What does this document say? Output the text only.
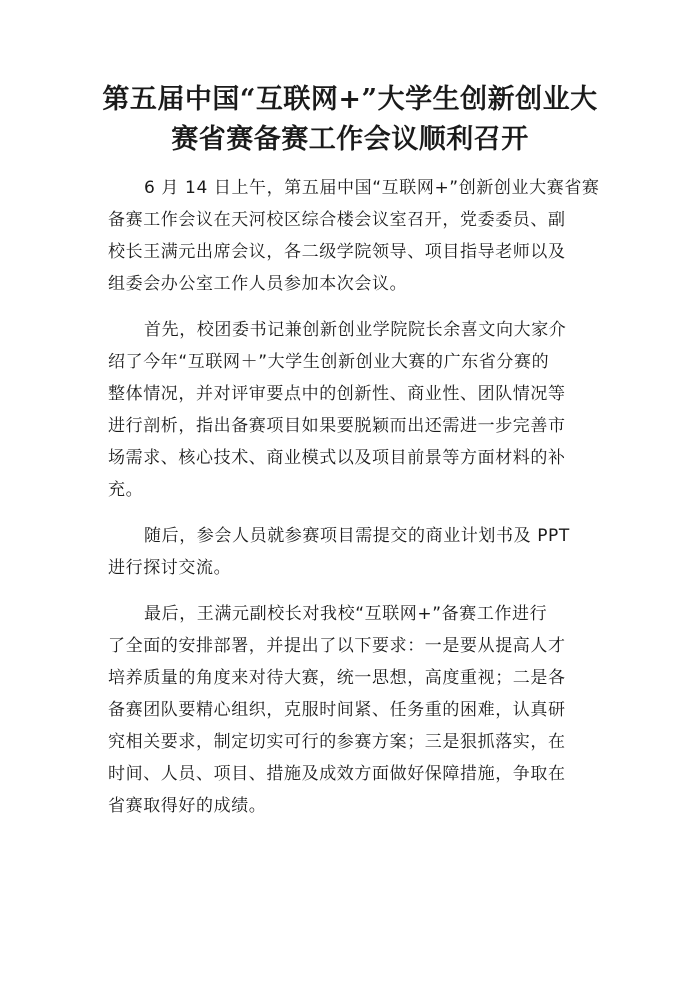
第五届中国“互联网+”大学生创新创业大
赛省赛备赛工作会议顺利召开

6 月 14 日上午，第五届中国“互联网+”创新创业大赛省赛
备赛工作会议在天河校区综合楼会议室召开，党委委员、副
校长王满元出席会议，各二级学院领导、项目指导老师以及
组委会办公室工作人员参加本次会议。

首先，校团委书记兼创新创业学院院长余喜文向大家介
绍了今年“互联网＋”大学生创新创业大赛的广东省分赛的
整体情况，并对评审要点中的创新性、商业性、团队情况等
进行剖析，指出备赛项目如果要脱颖而出还需进一步完善市
场需求、核心技术、商业模式以及项目前景等方面材料的补
充。

随后，参会人员就参赛项目需提交的商业计划书及 PPT
进行探讨交流。

最后，王满元副校长对我校“互联网+”备赛工作进行
了全面的安排部署，并提出了以下要求：一是要从提高人才
培养质量的角度来对待大赛，统一思想，高度重视；二是各
备赛团队要精心组织，克服时间紧、任务重的困难，认真研
究相关要求，制定切实可行的参赛方案；三是狠抓落实，在
时间、人员、项目、措施及成效方面做好保障措施，争取在
省赛取得好的成绩。
